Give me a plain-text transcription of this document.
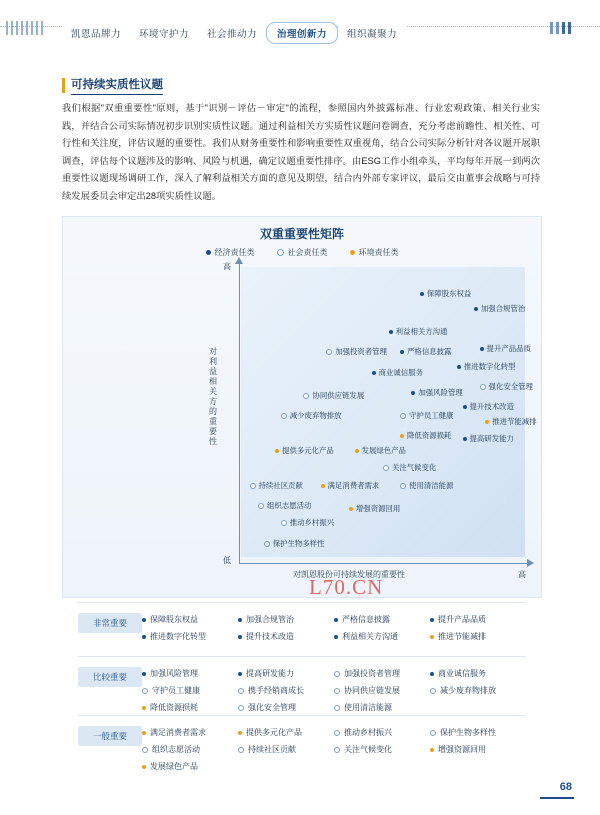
凯恩品牌力	环境守护力	社会推动力	治理创新力	组织凝聚力
可持续实质性议题
我们根据"双重重要性"原则，基于"识别－评估－审定"的流程，参照国内外披露标准、行业宏观政策、相关行业实践，并结合公司实际情况初步识别实质性议题。通过利益相关方实质性议题问卷调查，充分考虑前瞻性、相关性、可行性和关注度，评估议题的重要性。我们从财务重要性和影响重要性双重视角，结合公司实际分析针对各议题开展职调查，评估每个议题涉及的影响、风险与机遇，确定议题重要性排序。由ESG工作小组牵头，平均每年开展一到两次重要性议题现场调研工作，深入了解利益相关方面的意见及期望，结合内外部专家评议，最后交由董事会战略与可持续发展委员会审定出28项实质性议题。
双重重要性矩阵
经济责任类	社会责任类	环境责任类
高
低
高
对利益相关方的重要性
对凯恩股份可持续发展的重要性
L70.CN
保障股东权益
加强合规管治
利益相关方沟通
加强投资者管理	严格信息披露
商业诚信服务
推进数字化转型
提升产品品质
加强风险管理
强化安全管理
协同供应链发展
守护员工健康
提升技术改造
推进节能减排
减少废弃物排放
降低资源损耗	提高研发能力
提供多元化产品	发展绿色产品
关注气候变化
持续社区贡献	满足消费者需求	使用清洁能源
组织志愿活动
推动乡村振兴
增强资源回用
保护生物多样性
非常重要	保障股东权益	加强合规管治	严格信息披露	提升产品品质
推进数字化转型	提升技术改造	利益相关方沟通	推进节能减排
比较重要	加强风险管理	提高研发能力	加强投资者管理	商业诚信服务
守护员工健康	携手经销商成长	协同供应链发展	减少废弃物排放
降低资源损耗	强化安全管理	使用清洁能源
一般重要	满足消费者需求	提供多元化产品	推动乡村振兴	保护生物多样性
组织志愿活动	持续社区贡献	关注气候变化	增强资源回用
发展绿色产品
68
